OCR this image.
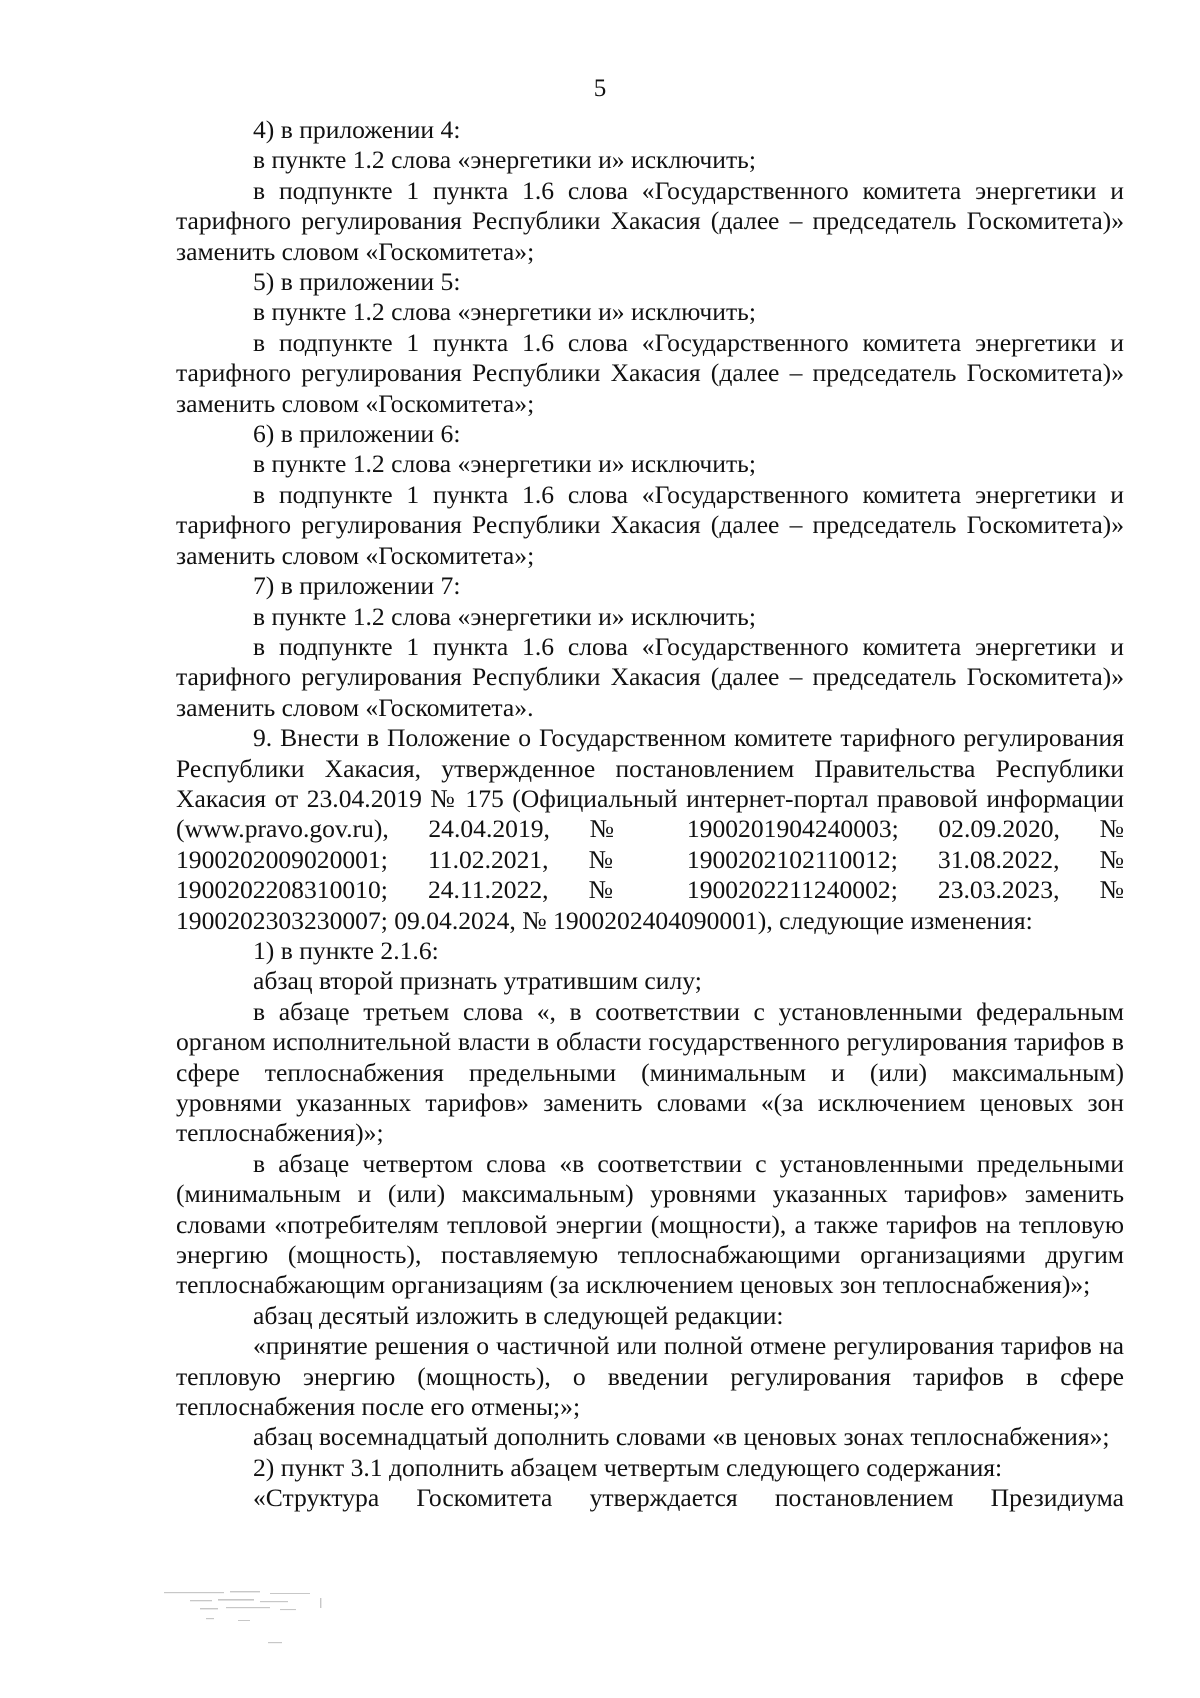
5

4) в приложении 4:

в пункте 1.2 слова «энергетики и» исключить;

в подпункте 1 пункта 1.6 слова «Государственного комитета энергетики и тарифного регулирования Республики Хакасия (далее – председатель Госкомитета)» заменить словом «Госкомитета»;

5) в приложении 5:

в пункте 1.2 слова «энергетики и» исключить;

в подпункте 1 пункта 1.6 слова «Государственного комитета энергетики и тарифного регулирования Республики Хакасия (далее – председатель Госкомитета)» заменить словом «Госкомитета»;

6) в приложении 6:

в пункте 1.2 слова «энергетики и» исключить;

в подпункте 1 пункта 1.6 слова «Государственного комитета энергетики и тарифного регулирования Республики Хакасия (далее – председатель Госкомитета)» заменить словом «Госкомитета»;

7) в приложении 7:

в пункте 1.2 слова «энергетики и» исключить;

в подпункте 1 пункта 1.6 слова «Государственного комитета энергетики и тарифного регулирования Республики Хакасия (далее – председатель Госкомитета)» заменить словом «Госкомитета».

9. Внести в Положение о Государственном комитете тарифного регулирования Республики Хакасия, утвержденное постановлением Правительства Республики Хакасия от 23.04.2019 № 175 (Официальный интернет-портал правовой информации (www.pravo.gov.ru), 24.04.2019, № 1900201904240003; 02.09.2020, № 1900202009020001; 11.02.2021, № 1900202102110012; 31.08.2022, № 1900202208310010; 24.11.2022, № 1900202211240002; 23.03.2023, № 1900202303230007; 09.04.2024, № 1900202404090001), следующие изменения:

1) в пункте 2.1.6:

абзац второй признать утратившим силу;

в абзаце третьем слова «, в соответствии с установленными федеральным органом исполнительной власти в области государственного регулирования тарифов в сфере теплоснабжения предельными (минимальным и (или) максимальным) уровнями указанных тарифов» заменить словами «(за исключением ценовых зон теплоснабжения)»;

в абзаце четвертом слова «в соответствии с установленными предельными (минимальным и (или) максимальным) уровнями указанных тарифов» заменить словами «потребителям тепловой энергии (мощности), а также тарифов на тепловую энергию (мощность), поставляемую теплоснабжающими организациями другим теплоснабжающим организациям (за исключением ценовых зон теплоснабжения)»;

абзац десятый изложить в следующей редакции:

«принятие решения о частичной или полной отмене регулирования тарифов на тепловую энергию (мощность), о введении регулирования тарифов в сфере теплоснабжения после его отмены;»;

абзац восемнадцатый дополнить словами «в ценовых зонах теплоснабжения»;

2) пункт 3.1 дополнить абзацем четвертым следующего содержания:

«Структура Госкомитета утверждается постановлением Президиума
